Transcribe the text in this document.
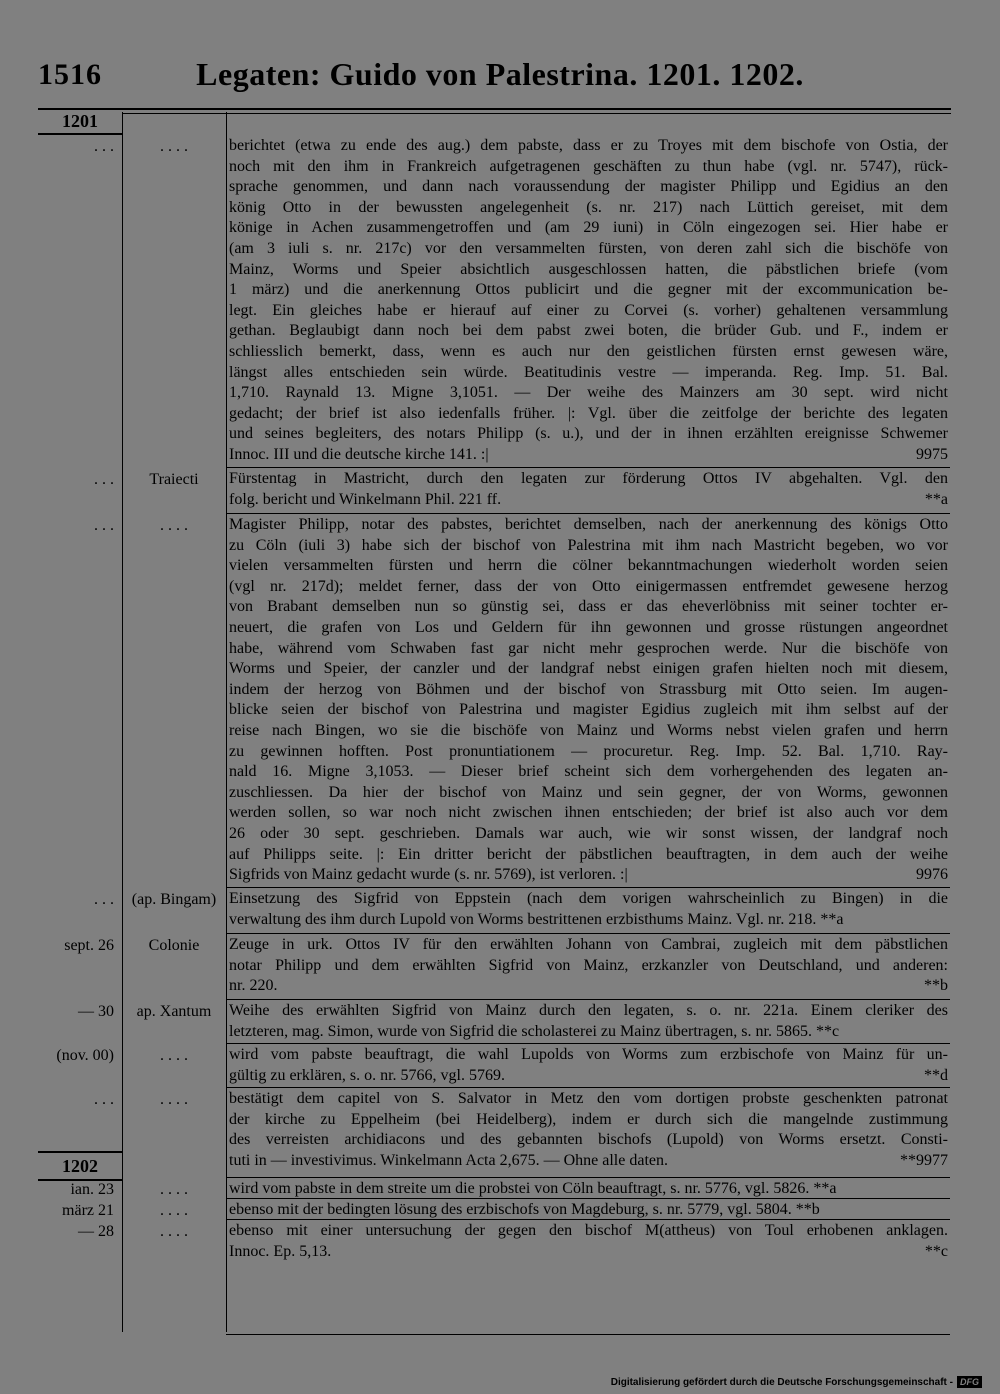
1516	Legaten: Guido von Palestrina. 1201. 1202.
1201
1202
. . .	. . . .	berichtet (etwa zu ende des aug.) dem pabste, dass er zu Troyes mit dem bischofe von Ostia, der
noch mit den ihm in Frankreich aufgetragenen geschäften zu thun habe (vgl. nr. 5747), rück-
sprache genommen, und dann nach voraussendung der magister Philipp und Egidius an den
könig Otto in der bewussten angelegenheit (s. nr. 217) nach Lüttich gereiset, mit dem
könige in Achen zusammengetroffen und (am 29 iuni) in Cöln eingezogen sei. Hier habe er
(am 3 iuli s. nr. 217c) vor den versammelten fürsten, von deren zahl sich die bischöfe von
Mainz, Worms und Speier absichtlich ausgeschlossen hatten, die päbstlichen briefe (vom
1 märz) und die anerkennung Ottos publicirt und die gegner mit der excommunication be-
legt. Ein gleiches habe er hierauf auf einer zu Corvei (s. vorher) gehaltenen versammlung
gethan. Beglaubigt dann noch bei dem pabst zwei boten, die brüder Gub. und F., indem er
schliesslich bemerkt, dass, wenn es auch nur den geistlichen fürsten ernst gewesen wäre,
längst alles entschieden sein würde. Beatitudinis vestre — imperanda. Reg. Imp. 51. Bal.
1,710. Raynald 13. Migne 3,1051. — Der weihe des Mainzers am 30 sept. wird nicht
gedacht; der brief ist also iedenfalls früher. |: Vgl. über die zeitfolge der berichte des legaten
und seines begleiters, des notars Philipp (s. u.), und der in ihnen erzählten ereignisse Schwemer
Innoc. III und die deutsche kirche 141. :|	9975
. . .	Traiecti	Fürstentag in Mastricht, durch den legaten zur förderung Ottos IV abgehalten. Vgl. den
folg. bericht und Winkelmann Phil. 221 ff.	**a
. . .	. . . .	Magister Philipp, notar des pabstes, berichtet demselben, nach der anerkennung des königs Otto
zu Cöln (iuli 3) habe sich der bischof von Palestrina mit ihm nach Mastricht begeben, wo vor
vielen versammelten fürsten und herrn die cölner bekanntmachungen wiederholt worden seien
(vgl nr. 217d); meldet ferner, dass der von Otto einigermassen entfremdet gewesene herzog
von Brabant demselben nun so günstig sei, dass er das eheverlöbniss mit seiner tochter er-
neuert, die grafen von Los und Geldern für ihn gewonnen und grosse rüstungen angeordnet
habe, während vom Schwaben fast gar nicht mehr gesprochen werde. Nur die bischöfe von
Worms und Speier, der canzler und der landgraf nebst einigen grafen hielten noch mit diesem,
indem der herzog von Böhmen und der bischof von Strassburg mit Otto seien. Im augen-
blicke seien der bischof von Palestrina und magister Egidius zugleich mit ihm selbst auf der
reise nach Bingen, wo sie die bischöfe von Mainz und Worms nebst vielen grafen und herrn
zu gewinnen hofften. Post pronuntiationem — procuretur. Reg. Imp. 52. Bal. 1,710. Ray-
nald 16. Migne 3,1053. — Dieser brief scheint sich dem vorhergehenden des legaten an-
zuschliessen. Da hier der bischof von Mainz und sein gegner, der von Worms, gewonnen
werden sollen, so war noch nicht zwischen ihnen entschieden; der brief ist also auch vor dem
26 oder 30 sept. geschrieben. Damals war auch, wie wir sonst wissen, der landgraf noch
auf Philipps seite. |: Ein dritter bericht der päbstlichen beauftragten, in dem auch der weihe
Sigfrids von Mainz gedacht wurde (s. nr. 5769), ist verloren. :|	9976
. . .	(ap. Bingam) Einsetzung des Sigfrid von Eppstein (nach dem vorigen wahrscheinlich zu Bingen) in die
verwaltung des ihm durch Lupold von Worms bestrittenen erzbisthums Mainz. Vgl. nr. 218. **a
sept. 26	Colonie	Zeuge in urk. Ottos IV für den erwählten Johann von Cambrai, zugleich mit dem päbstlichen
notar Philipp und dem erwählten Sigfrid von Mainz, erzkanzler von Deutschland, und anderen:
nr. 220.	**b
— 30	ap. Xantum	Weihe des erwählten Sigfrid von Mainz durch den legaten, s. o. nr. 221a. Einem cleriker des
letzteren, mag. Simon, wurde von Sigfrid die scholasterei zu Mainz übertragen, s. nr. 5865. **c
(nov. 00)	. . . .	wird vom pabste beauftragt, die wahl Lupolds von Worms zum erzbischofe von Mainz für un-
gültig zu erklären, s. o. nr. 5766, vgl. 5769.	**d
. . .	. . . .	bestätigt dem capitel von S. Salvator in Metz den vom dortigen probste geschenkten patronat
der kirche zu Eppelheim (bei Heidelberg), indem er durch sich die mangelnde zustimmung
des verreisten archidiacons und des gebannten bischofs (Lupold) von Worms ersetzt. Consti-
tuti in — investivimus. Winkelmann Acta 2,675. — Ohne alle daten.	**9977
ian. 23	. . . .	wird vom pabste in dem streite um die probstei von Cöln beauftragt, s. nr. 5776, vgl. 5826. **a
märz 21	. . . .	ebenso mit der bedingten lösung des erzbischofs von Magdeburg, s. nr. 5779, vgl. 5804. **b
— 28	. . . .	ebenso mit einer untersuchung der gegen den bischof M(attheus) von Toul erhobenen anklagen.
Innoc. Ep. 5,13.	**c
Digitalisierung gefördert durch die Deutsche Forschungsgemeinschaft - DFG
